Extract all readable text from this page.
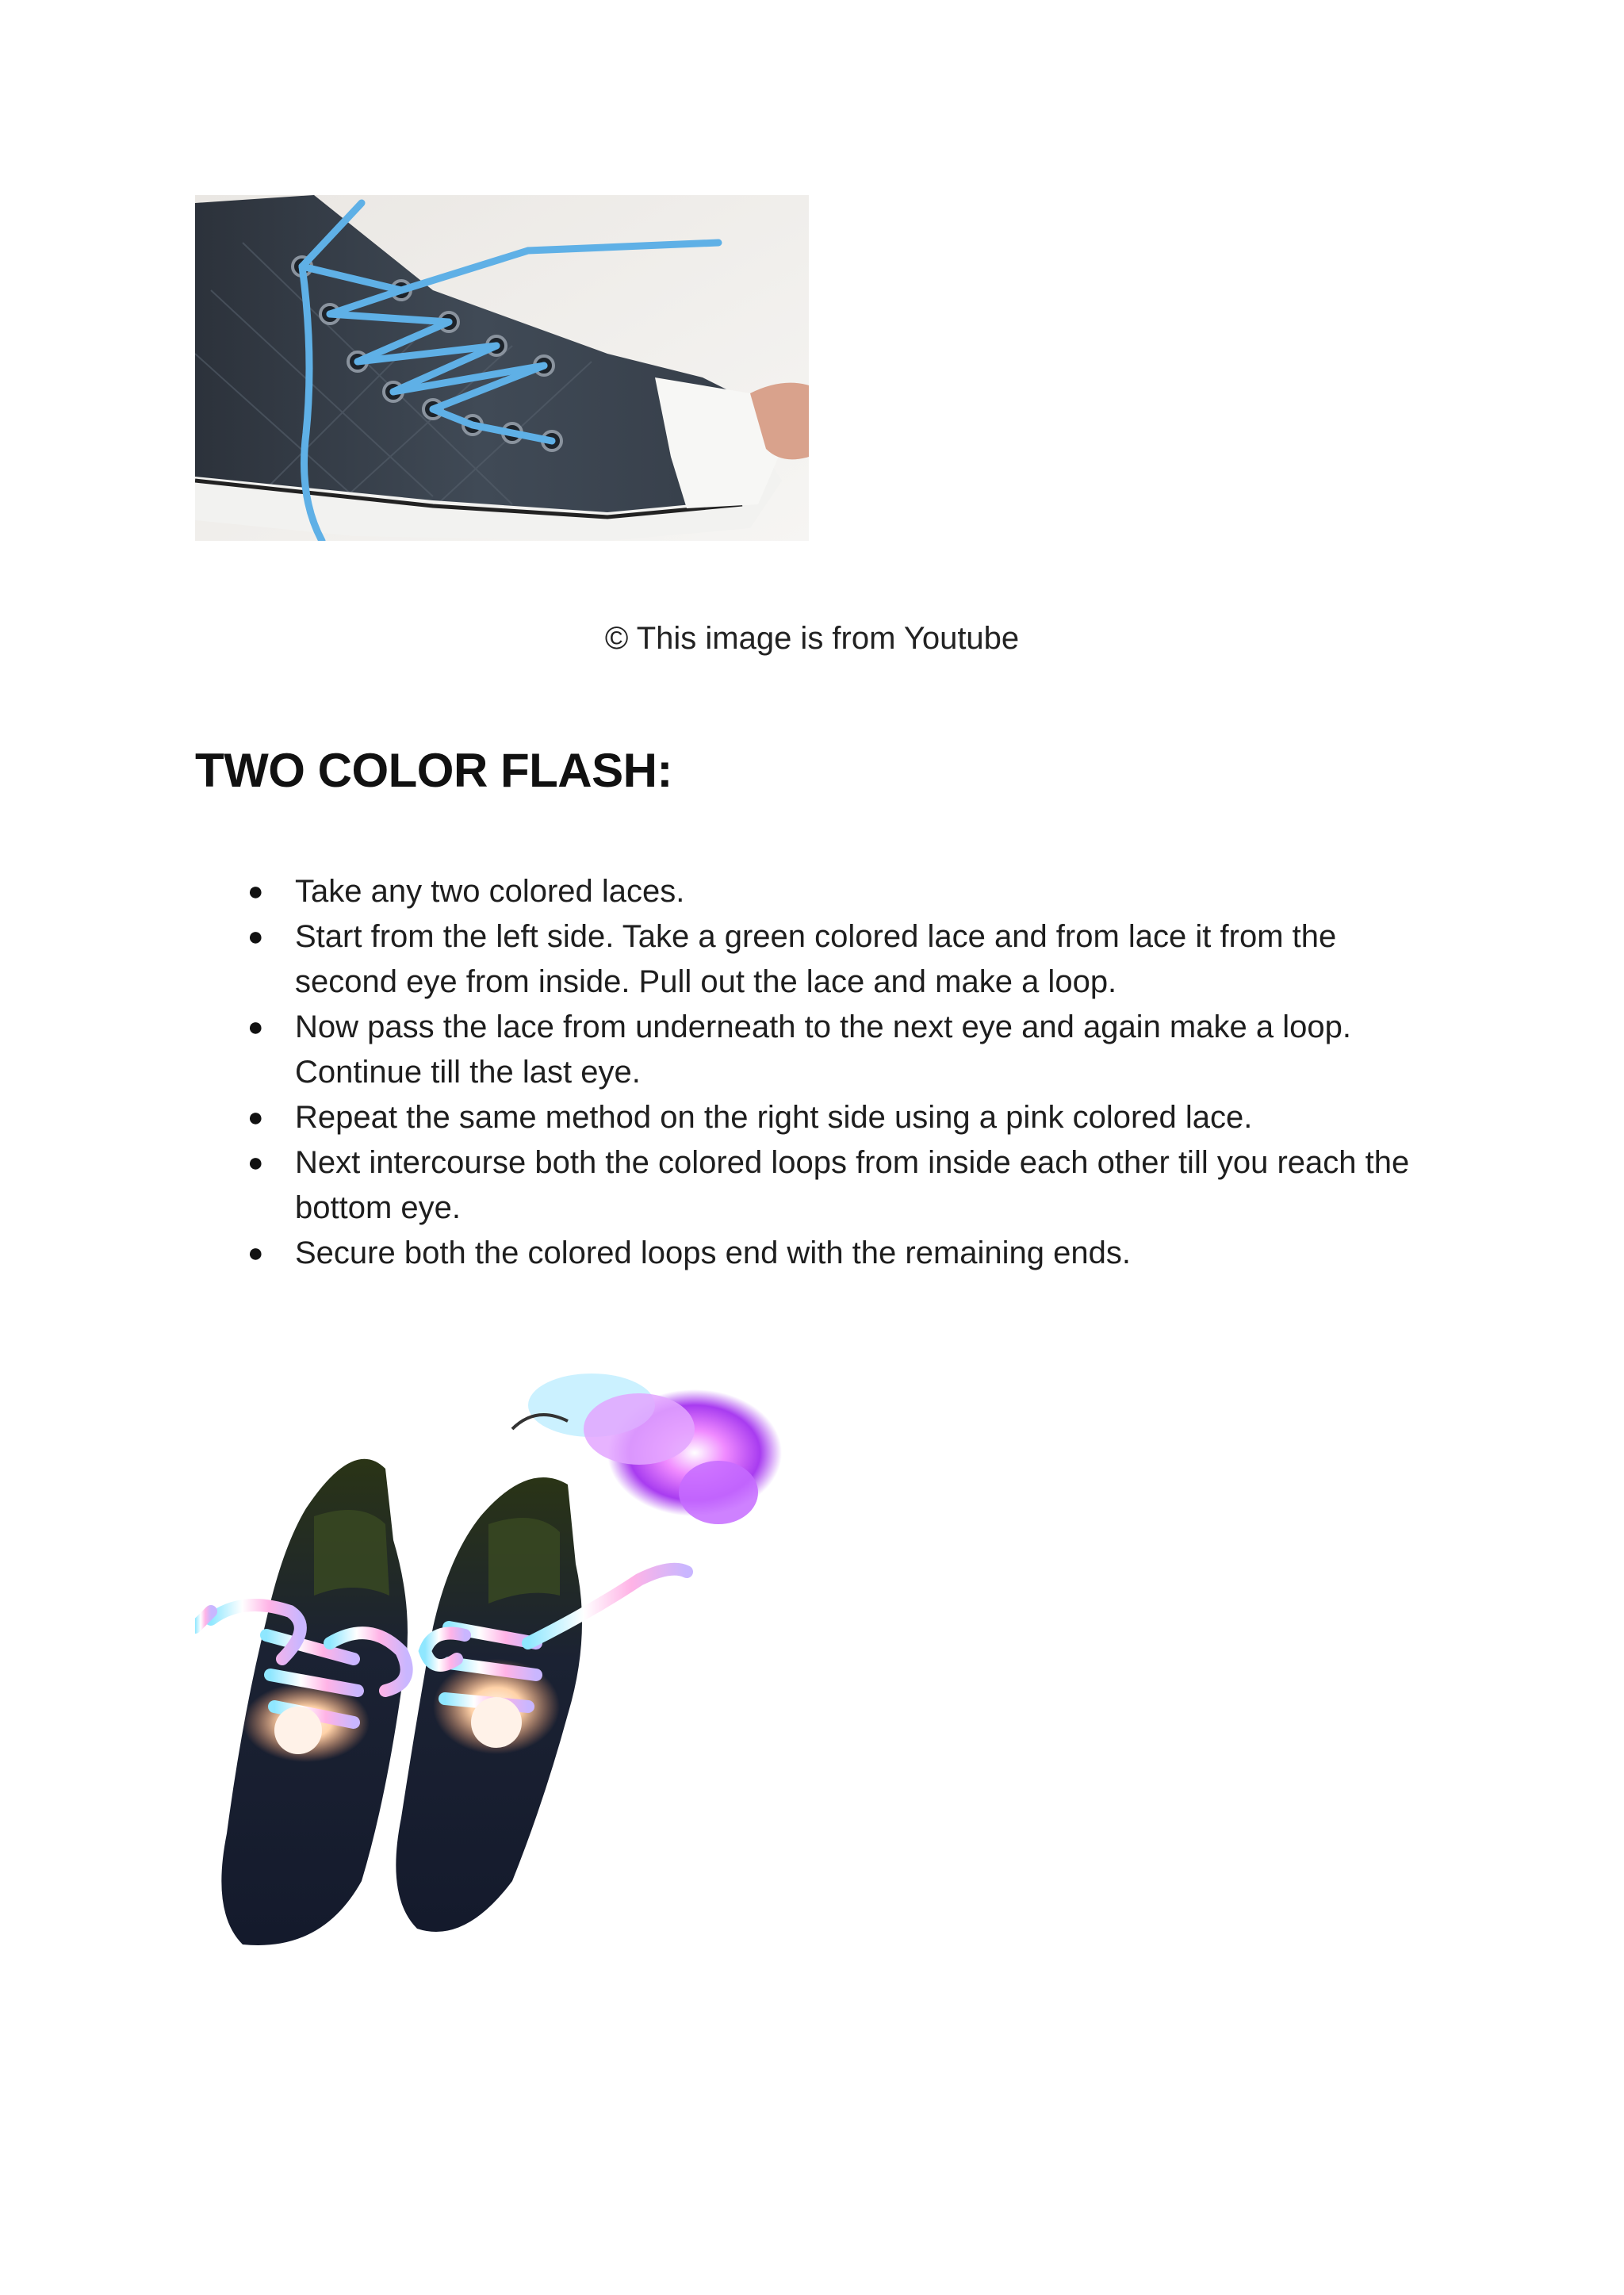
© This image is from Youtube
TWO COLOR FLASH:
● Take any two colored laces.
● Start from the left side. Take a green colored lace and from lace it from the second eye from inside. Pull out the lace and make a loop.
● Now pass the lace from underneath to the next eye and again make a loop. Continue till the last eye.
● Repeat the same method on the right side using a pink colored lace.
● Next intercourse both the colored loops from inside each other till you reach the bottom eye.
● Secure both the colored loops end with the remaining ends.
